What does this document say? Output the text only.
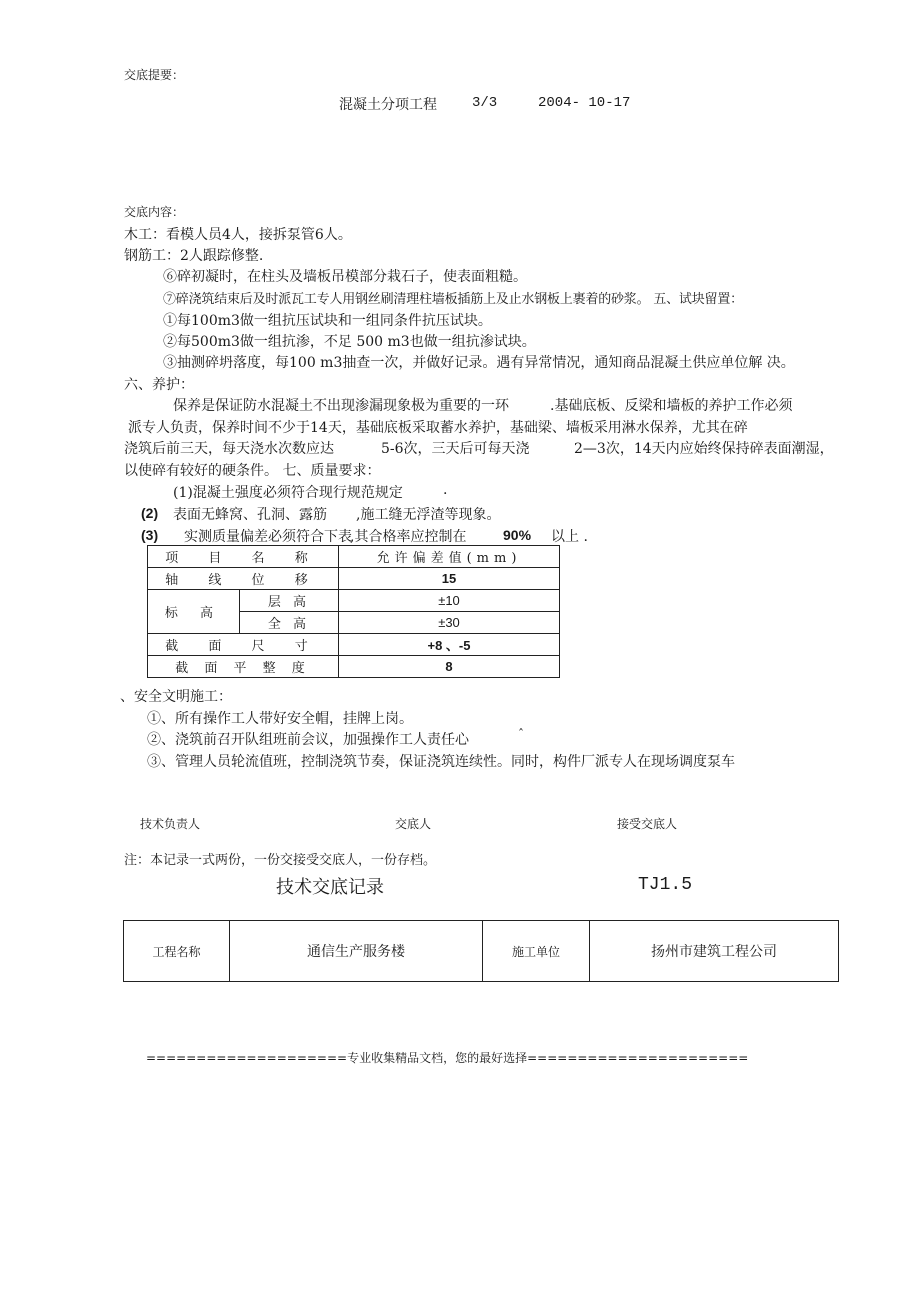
交底提要：
混凝土分项工程	3/3	2004- 10-17
交底内容：
木工：看模人员4人，接拆泵管6人。
钢筋工：2人跟踪修整.
⑥碎初凝时，在柱头及墙板吊模部分栽石子，使表面粗糙。
⑦碎浇筑结束后及时派瓦工专人用钢丝刷清理柱墙板插筋上及止水钢板上裹着的砂浆。 五、试块留置：
①每100m3做一组抗压试块和一组同条件抗压试块。
②每500m3做一组抗渗，不足 500 m3也做一组抗渗试块。
③抽测碎坍落度，每100 m3抽查一次，并做好记录。遇有异常情况，通知商品混凝土供应单位解 决。
六、养护：
保养是保证防水混凝土不出现渗漏现象极为重要的一环	.基础底板、反梁和墙板的养护工作必须
派专人负责，保养时间不少于14天，基础底板采取蓄水养护，基础梁、墙板采用淋水保养，尤其在碎
浇筑后前三天，每天浇水次数应达	5-6次，三天后可每天浇	2—3次，14天内应始终保持碎表面潮湿，
以使碎有较好的硬条件。 七、质量要求：
(1)混凝土强度必须符合现行规范规定	.
(2) 表面无蜂窝、孔洞、露筋 ,施工缝无浮渣等现象。
(3) 实测质量偏差必须符合下表
,其合格率应控制在	90% 以上 .
项 目 名 称		允许偏差值(mm)
轴 线 位 移		15
标 高	层 高	±10
	全 高	±30
截 面 尺 寸		+8 、-5
截 面 平 整 度		8
、安全文明施工：
①、所有操作工人带好安全帽，挂牌上岗。
②、浇筑前召开队组班前会议，加强操作工人责任心	ˆ
③、管理人员轮流值班，控制浇筑节奏，保证浇筑连续性。同时，构件厂派专人在现场调度泵车
技术负责人	交底人	接受交底人
注：本记录一式两份，一份交接受交底人，一份存档。
技术交底记录	TJ1.5
工程名称	通信生产服务楼	施工单位	扬州市建筑工程公司
====================专业收集精品文档，您的最好选择======================
